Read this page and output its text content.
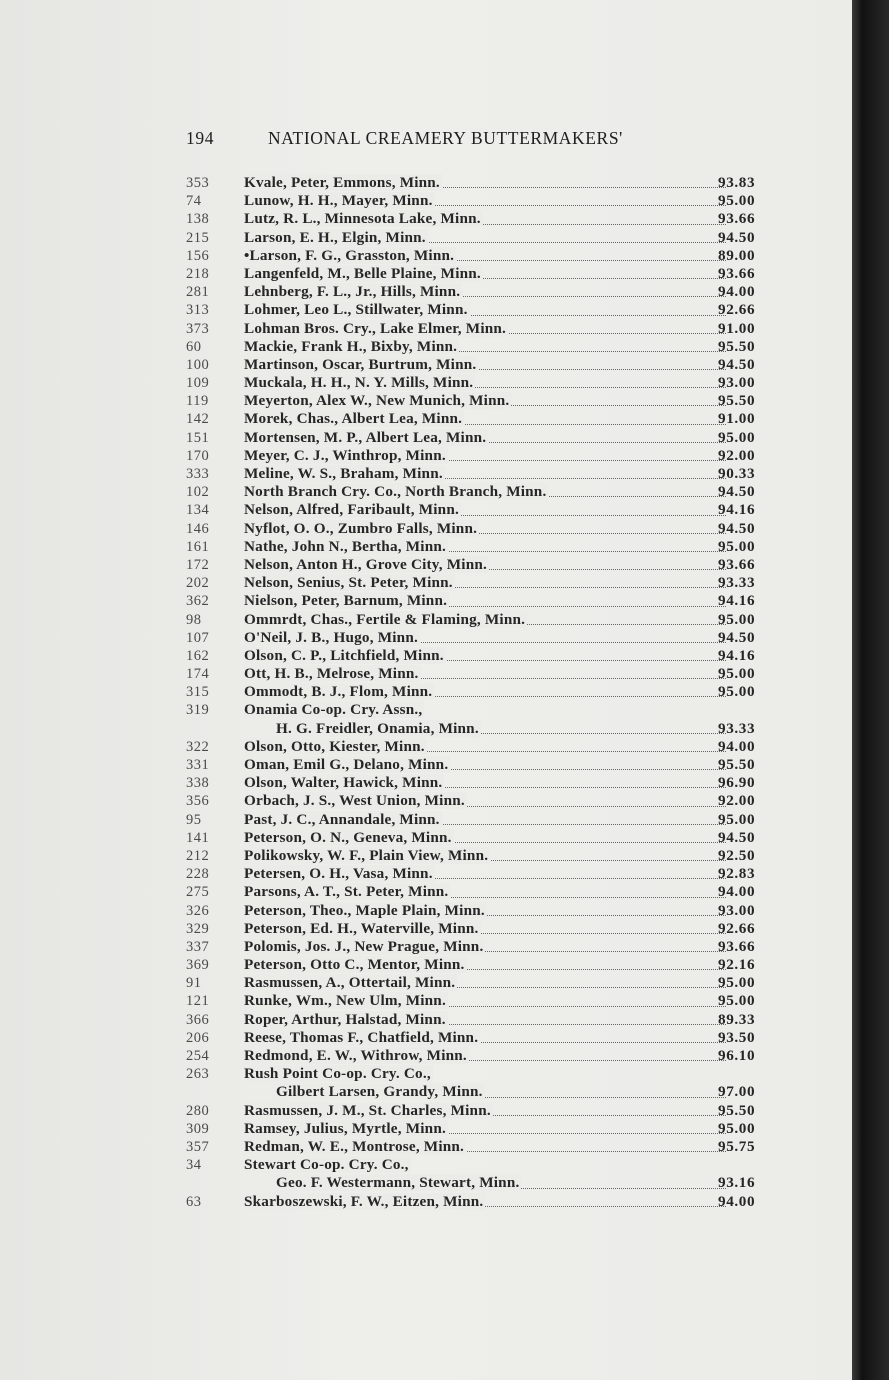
194	NATIONAL CREAMERY BUTTERMAKERS'
353	Kvale, Peter, Emmons, Minn.	93.83
74	Lunow, H. H., Mayer, Minn.	95.00
138	Lutz, R. L., Minnesota Lake, Minn.	93.66
215	Larson, E. H., Elgin, Minn.	94.50
156	•Larson, F. G., Grasston, Minn.	89.00
218	Langenfeld, M., Belle Plaine, Minn.	93.66
281	Lehnberg, F. L., Jr., Hills, Minn.	94.00
313	Lohmer, Leo L., Stillwater, Minn.	92.66
373	Lohman Bros. Cry., Lake Elmer, Minn.	91.00
60	Mackie, Frank H., Bixby, Minn.	95.50
100	Martinson, Oscar, Burtrum, Minn.	94.50
109	Muckala, H. H., N. Y. Mills, Minn.	93.00
119	Meyerton, Alex W., New Munich, Minn.	95.50
142	Morek, Chas., Albert Lea, Minn.	91.00
151	Mortensen, M. P., Albert Lea, Minn.	95.00
170	Meyer, C. J., Winthrop, Minn.	92.00
333	Meline, W. S., Braham, Minn.	90.33
102	North Branch Cry. Co., North Branch, Minn.	94.50
134	Nelson, Alfred, Faribault, Minn.	94.16
146	Nyflot, O. O., Zumbro Falls, Minn.	94.50
161	Nathe, John N., Bertha, Minn.	95.00
172	Nelson, Anton H., Grove City, Minn.	93.66
202	Nelson, Senius, St. Peter, Minn.	93.33
362	Nielson, Peter, Barnum, Minn.	94.16
98	Ommrdt, Chas., Fertile & Flaming, Minn.	95.00
107	O'Neil, J. B., Hugo, Minn.	94.50
162	Olson, C. P., Litchfield, Minn.	94.16
174	Ott, H. B., Melrose, Minn.	95.00
315	Ommodt, B. J., Flom, Minn.	95.00
319	Onamia Co-op. Cry. Assn.,
H. G. Freidler, Onamia, Minn.	93.33
322	Olson, Otto, Kiester, Minn.	94.00
331	Oman, Emil G., Delano, Minn.	95.50
338	Olson, Walter, Hawick, Minn.	96.90
356	Orbach, J. S., West Union, Minn.	92.00
95	Past, J. C., Annandale, Minn.	95.00
141	Peterson, O. N., Geneva, Minn.	94.50
212	Polikowsky, W. F., Plain View, Minn.	92.50
228	Petersen, O. H., Vasa, Minn.	92.83
275	Parsons, A. T., St. Peter, Minn.	94.00
326	Peterson, Theo., Maple Plain, Minn.	93.00
329	Peterson, Ed. H., Waterville, Minn.	92.66
337	Polomis, Jos. J., New Prague, Minn.	93.66
369	Peterson, Otto C., Mentor, Minn.	92.16
91	Rasmussen, A., Ottertail, Minn.	95.00
121	Runke, Wm., New Ulm, Minn.	95.00
366	Roper, Arthur, Halstad, Minn.	89.33
206	Reese, Thomas F., Chatfield, Minn.	93.50
254	Redmond, E. W., Withrow, Minn.	96.10
263	Rush Point Co-op. Cry. Co.,
Gilbert Larsen, Grandy, Minn.	97.00
280	Rasmussen, J. M., St. Charles, Minn.	95.50
309	Ramsey, Julius, Myrtle, Minn.	95.00
357	Redman, W. E., Montrose, Minn.	95.75
34	Stewart Co-op. Cry. Co.,
Geo. F. Westermann, Stewart, Minn.	93.16
63	Skarboszewski, F. W., Eitzen, Minn.	94.00
